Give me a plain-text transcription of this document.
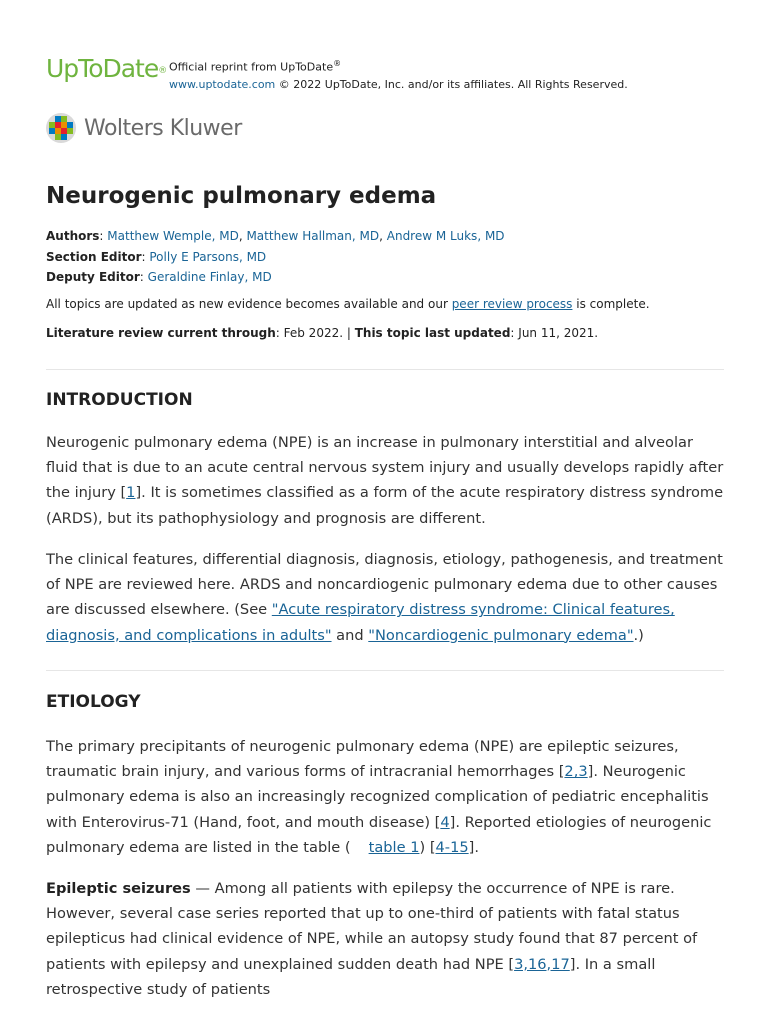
UpToDate® Official reprint from UpToDate®
www.uptodate.com © 2022 UpToDate, Inc. and/or its affiliates. All Rights Reserved.
Wolters Kluwer
Neurogenic pulmonary edema
Authors: Matthew Wemple, MD, Matthew Hallman, MD, Andrew M Luks, MD
Section Editor: Polly E Parsons, MD
Deputy Editor: Geraldine Finlay, MD
All topics are updated as new evidence becomes available and our peer review process is complete.
Literature review current through: Feb 2022. | This topic last updated: Jun 11, 2021.
INTRODUCTION

Neurogenic pulmonary edema (NPE) is an increase in pulmonary interstitial and alveolar fluid that is due to an acute central nervous system injury and usually develops rapidly after the injury [1]. It is sometimes classified as a form of the acute respiratory distress syndrome (ARDS), but its pathophysiology and prognosis are different.

The clinical features, differential diagnosis, diagnosis, etiology, pathogenesis, and treatment of NPE are reviewed here. ARDS and noncardiogenic pulmonary edema due to other causes are discussed elsewhere. (See "Acute respiratory distress syndrome: Clinical features, diagnosis, and complications in adults" and "Noncardiogenic pulmonary edema".)

ETIOLOGY

The primary precipitants of neurogenic pulmonary edema (NPE) are epileptic seizures, traumatic brain injury, and various forms of intracranial hemorrhages [2,3]. Neurogenic pulmonary edema is also an increasingly recognized complication of pediatric encephalitis with Enterovirus-71 (Hand, foot, and mouth disease) [4]. Reported etiologies of neurogenic pulmonary edema are listed in the table ( table 1) [4-15].

Epileptic seizures — Among all patients with epilepsy the occurrence of NPE is rare. However, several case series reported that up to one-third of patients with fatal status epilepticus had clinical evidence of NPE, while an autopsy study found that 87 percent of patients with epilepsy and unexplained sudden death had NPE [3,16,17]. In a small retrospective study of patients
